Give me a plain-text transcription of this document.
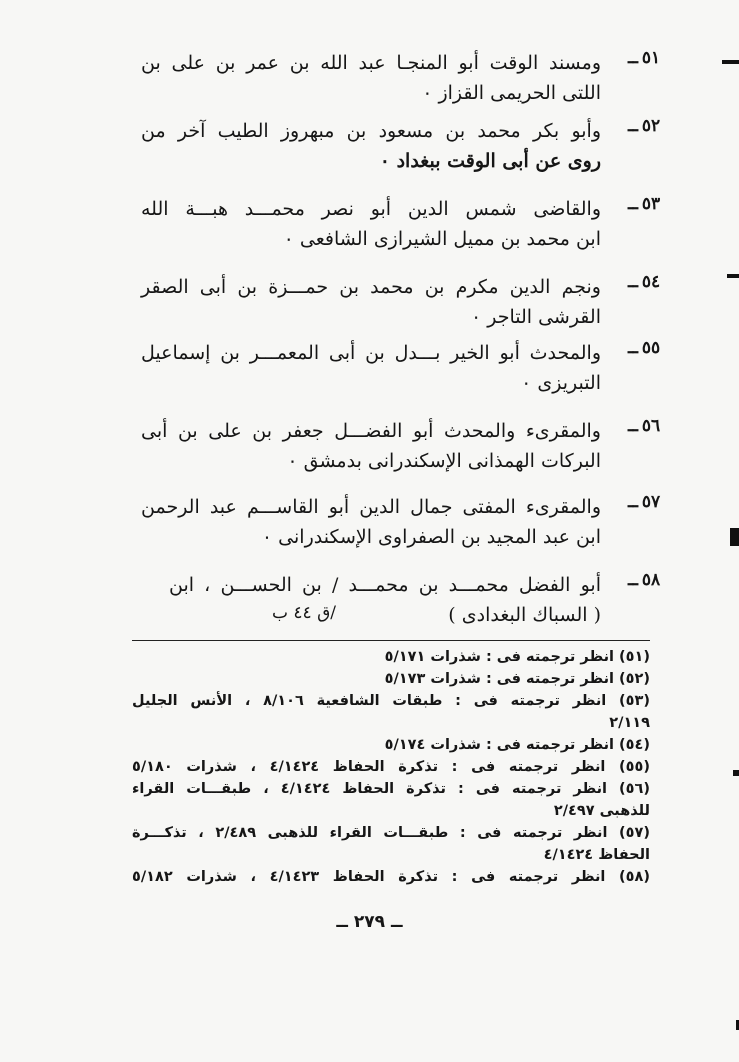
٥١
ــ
ومسند الوقت أبو المنجـا عبد الله بن عمر بن على بن
اللتى الحريمى القزاز ٠
٥٢
ــ
وأبو بكر محمد بن مسعود بن مبهروز الطيب آخر من
روى عن أبى الوقت ببغداد ٠
٥٣
ــ
والقاضى شمس الدين أبو نصر محمـــد هبـــة الله
ابن محمد بن مميل الشيرازى الشافعى ٠
٥٤
ــ
ونجم الدين مكرم بن محمد بن حمـــزة بن أبى الصقر
القرشى التاجر ٠
٥٥
ــ
والمحدث أبو الخير بـــدل بن أبى المعمـــر بن إسماعيل
التبريزى ٠
٥٦
ــ
والمقرىء والمحدث أبو الفضـــل جعفر بن على بن أبى
البركات الهمذانى الإسكندرانى بدمشق ٠
٥٧
ــ
والمقرىء المفتى جمال الدين أبو القاســـم عبد الرحمن
ابن عبد المجيد بن الصفراوى الإسكندرانى ٠
٥٨
ــ
أبو الفضل محمـــد بن محمـــد / بن الحســـن ، ابن
( السباك البغدادى )
/ق ٤٤ ب
(٥١) انظر ترجمته فى : شذرات ٥/١٧١
(٥٢) انظر ترجمته فى : شذرات ٥/١٧٣
(٥٣) انظر ترجمته فى : طبقات الشافعية ٨/١٠٦ ، الأنس الجليل
٢/١١٩
(٥٤) انظر ترجمته فى : شذرات ٥/١٧٤
(٥٥) انظر ترجمته فى : تذكرة الحفاظ ٤/١٤٢٤ ، شذرات ٥/١٨٠
(٥٦) انظر ترجمته فى : تذكرة الحفاظ ٤/١٤٢٤ ، طبقـــات القراء
للذهبى ٢/٤٩٧
(٥٧) انظر ترجمته فى : طبقـــات القراء للذهبى ٢/٤٨٩ ، تذكـــرة
الحفاظ ٤/١٤٢٤
(٥٨) انظر ترجمته فى : تذكرة الحفاظ ٤/١٤٢٣ ، شذرات ٥/١٨٢
ــ ٢٧٩ ــ
